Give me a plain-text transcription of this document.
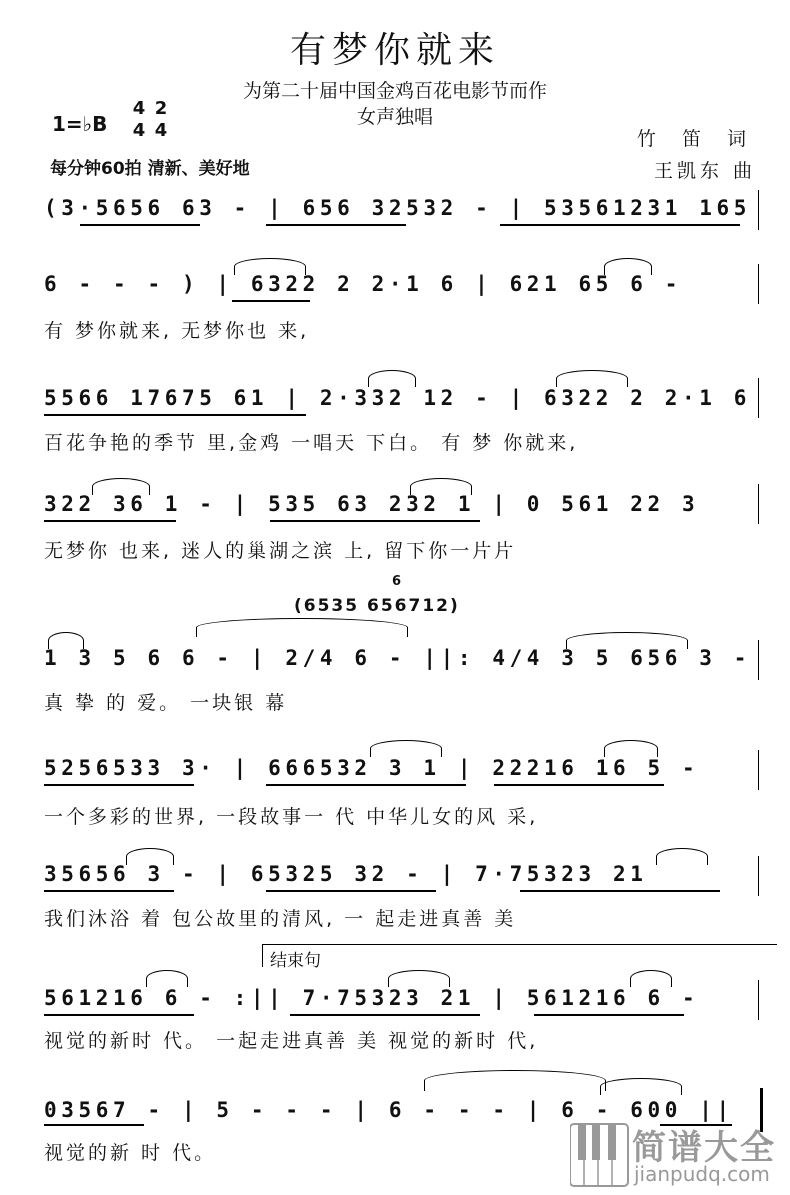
有梦你就来
为第二十届中国金鸡百花电影节而作
女声独唱
1=♭B
4
4
2
4	竹 笛 词
王凯东 曲
每分钟60拍 清新、美好地
(3·5656 63 - | 656 32532 - | 53561231 165
6 - - - ) | 6322 2 2·1 6 | 621 65 6 -
有 梦你就来, 无梦你也 来,
5566 17675 61 | 2·332 12 - | 6322 2 2·1 6
百花争艳的季节 里,金鸡 一唱天 下白。 有 梦 你就来,
322 36 1 - | 535 63 232 1 | 0 561 22 3
无梦你 也来, 迷人的巢湖之滨 上, 留下你一片片
6
(6535 656712)
1 3 5 6 6 - | 2/4 6 - ||: 4/4 3 5 656 3 -
真 挚 的 爱。 一块银 幕
5256533 3· | 666532 3 1 | 22216 16 5 -
一个多彩的世界, 一段故事一 代 中华儿女的风 采,
35656 3 - | 65325 32 - | 7·75323 21
我们沐浴 着 包公故里的清风, 一 起走进真善 美
结束句
561216 6 - :|| 7·75323 21 | 561216 6 -
视觉的新时 代。 一起走进真善 美 视觉的新时 代,
03567 - | 5 - - - | 6 - - - | 6 - 600 ||
视觉的新 时 代。	简谱大全
jianpudq.com
